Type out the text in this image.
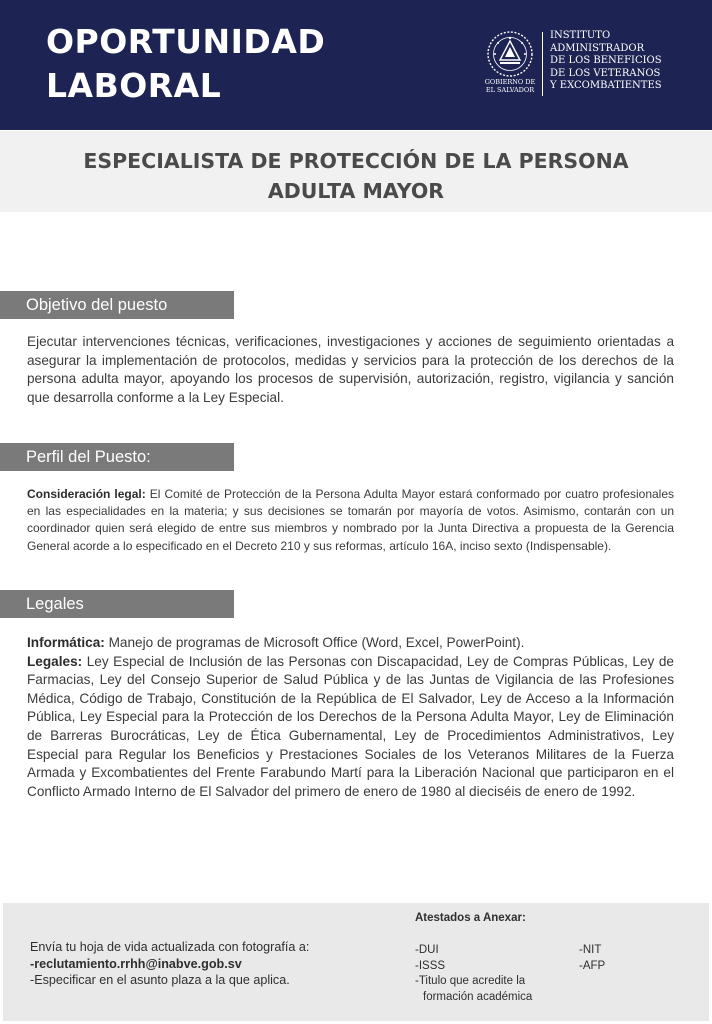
OPORTUNIDAD
LABORAL	GOBIERNO DE
EL SALVADOR
INSTITUTO
ADMINISTRADOR
DE LOS BENEFICIOS
DE LOS VETERANOS
Y EXCOMBATIENTES
ESPECIALISTA DE PROTECCIÓN DE LA PERSONA
ADULTA MAYOR
Objetivo del puesto

Ejecutar intervenciones técnicas, verificaciones, investigaciones y acciones de seguimiento orientadas a asegurar la implementación de protocolos, medidas y servicios para la protección de los derechos de la persona adulta mayor, apoyando los procesos de supervisión, autorización, registro, vigilancia y sanción que desarrolla conforme a la Ley Especial.

Perfil del Puesto:

Consideración legal: El Comité de Protección de la Persona Adulta Mayor estará conformado por cuatro profesionales en las especialidades en la materia; y sus decisiones se tomarán por mayoría de votos. Asimismo, contarán con un coordinador quien será elegido de entre sus miembros y nombrado por la Junta Directiva a propuesta de la Gerencia General acorde a lo especificado en el Decreto 210 y sus reformas, artículo 16A, inciso sexto (Indispensable).

Legales
Informática: Manejo de programas de Microsoft Office (Word, Excel, PowerPoint).
Legales: Ley Especial de Inclusión de las Personas con Discapacidad, Ley de Compras Públicas, Ley de Farmacias, Ley del Consejo Superior de Salud Pública y de las Juntas de Vigilancia de las Profesiones Médica, Código de Trabajo, Constitución de la República de El Salvador, Ley de Acceso a la Información Pública, Ley Especial para la Protección de los Derechos de la Persona Adulta Mayor, Ley de Eliminación de Barreras Burocráticas, Ley de Ética Gubernamental, Ley de Procedimientos Administrativos, Ley Especial para Regular los Beneficios y Prestaciones Sociales de los Veteranos Militares de la Fuerza Armada y Excombatientes del Frente Farabundo Martí para la Liberación Nacional que participaron en el Conflicto Armado Interno de El Salvador del primero de enero de 1980 al dieciséis de enero de 1992.
Envía tu hoja de vida actualizada con fotografía a:
-reclutamiento.rrhh@inabve.gob.sv
-Especificar en el asunto plaza a la que aplica.
Atestados a Anexar:
-DUI
-ISSS
-Titulo que acredite la
formación académica
-NIT
-AFP
